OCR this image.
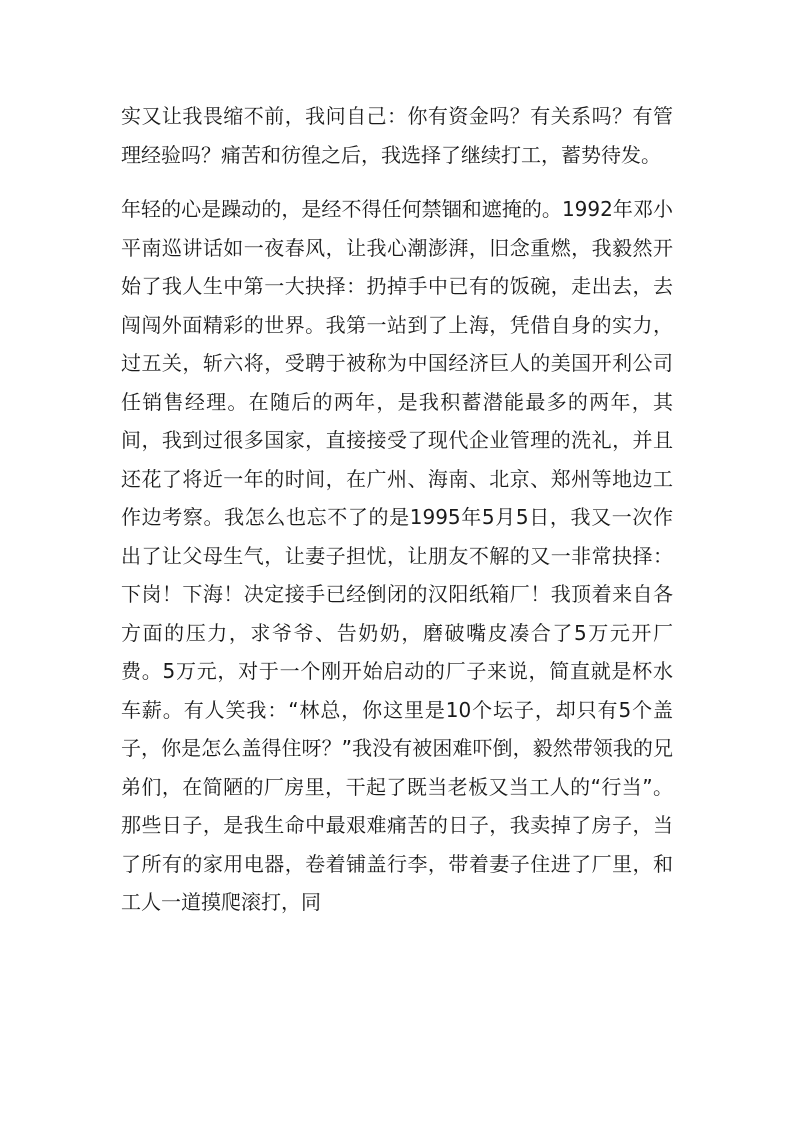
实又让我畏缩不前，我问自己：你有资金吗？有关系吗？有管理经验吗？痛苦和彷徨之后，我选择了继续打工，蓄势待发。

年轻的心是躁动的，是经不得任何禁锢和遮掩的。1992年邓小平南巡讲话如一夜春风，让我心潮澎湃，旧念重燃，我毅然开始了我人生中第一大抉择：扔掉手中已有的饭碗，走出去，去闯闯外面精彩的世界。我第一站到了上海，凭借自身的实力，过五关，斩六将，受聘于被称为中国经济巨人的美国开利公司任销售经理。在随后的两年，是我积蓄潜能最多的两年，其间，我到过很多国家，直接接受了现代企业管理的洗礼，并且还花了将近一年的时间，在广州、海南、北京、郑州等地边工作边考察。我怎么也忘不了的是1995年5月5日，我又一次作出了让父母生气，让妻子担忧，让朋友不解的又一非常抉择：下岗！下海！决定接手已经倒闭的汉阳纸箱厂！我顶着来自各方面的压力，求爷爷、告奶奶，磨破嘴皮凑合了5万元开厂费。5万元，对于一个刚开始启动的厂子来说，简直就是杯水车薪。有人笑我：“林总，你这里是10个坛子，却只有5个盖子，你是怎么盖得住呀？”我没有被困难吓倒，毅然带领我的兄弟们，在简陋的厂房里，干起了既当老板又当工人的“行当”。那些日子，是我生命中最艰难痛苦的日子，我卖掉了房子，当了所有的家用电器，卷着铺盖行李，带着妻子住进了厂里，和工人一道摸爬滚打，同
